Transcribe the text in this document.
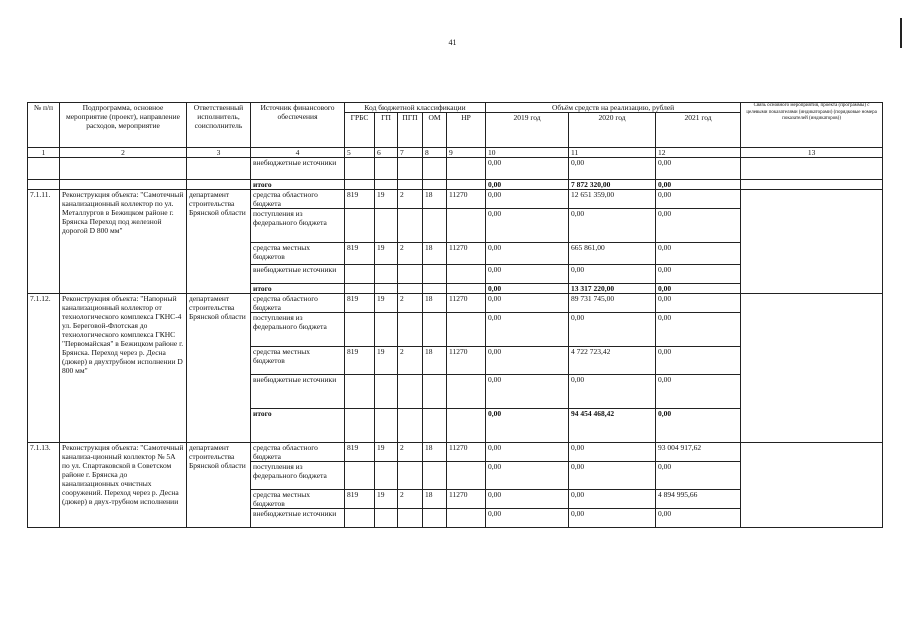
41
№ п/п	Подпрограмма, основное мероприятие (проект), направление расходов, мероприятие	Ответственный исполнитель, соисполнитель	Источник финансового обеспечения	Код бюджетной классификации					Объём средств на реализацию, рублей			Связь основного мероприятия, проекта (программы) с целевыми показателями (индикаторами) (порядковые номера показателей (индикаторов))
				ГРБС	ГП	ПГП	ОМ	НР	2019 год	2020 год	2021 год	
1	2	3	4	5	6	7	8	9	10	11	12	13
			внебюджетные источники						0,00	0,00	0,00	
			итого						0,00	7 872 320,00	0,00	
7.1.11.	Реконструкция объекта: "Самотечный канализационный коллектор по ул. Металлургов в Бежицком районе г. Брянска Переход под железной дорогой D 800 мм"	департамент строительства Брянской области	средства областного бюджета	819	19	2	18	11270	0,00	12 651 359,00	0,00	
			поступления из федерального бюджета						0,00	0,00	0,00	
			средства местных бюджетов	819	19	2	18	11270	0,00	665 861,00	0,00	
			внебюджетные источники						0,00	0,00	0,00	
			итого						0,00	13 317 220,00	0,00	
7.1.12.	Реконструкция объекта: "Напорный канализационный коллектор от технологического комплекса ГКНС-4 ул. Береговой-Флотская до технологического комплекса ГКНС "Первомайская" в Бежицком районе г. Брянска. Переход через р. Десна (дюкер) в двухтрубном исполнении D 800 мм"	департамент строительства Брянской области	средства областного бюджета	819	19	2	18	11270	0,00	89 731 745,00	0,00	
			поступления из федерального бюджета						0,00	0,00	0,00	
			средства местных бюджетов	819	19	2	18	11270	0,00	4 722 723,42	0,00	
			внебюджетные источники						0,00	0,00	0,00	
			итого						0,00	94 454 468,42	0,00	
7.1.13.	Реконструкция объекта: "Самотечный канализа-ционный коллектор № 5А по ул. Спартаковской в Советском районе г. Брянска до канализационных очистных сооружений. Переход через р. Десна (дюкер) в двух-трубном исполнении	департамент строительства Брянской области	средства областного бюджета	819	19	2	18	11270	0,00	0,00	93 004 917,62	
			поступления из федерального бюджета						0,00	0,00	0,00	
			средства местных бюджетов	819	19	2	18	11270	0,00	0,00	4 894 995,66	
			внебюджетные источники						0,00	0,00	0,00	
